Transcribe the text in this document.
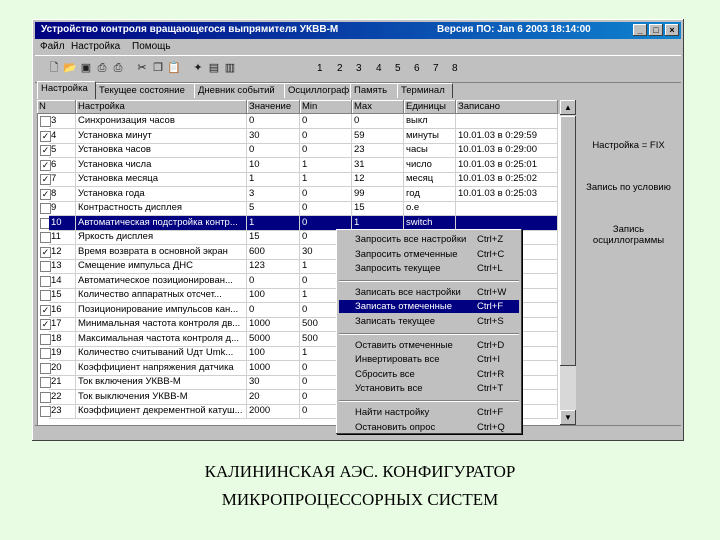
Устройство контроля вращающегося выпрямителя УКВВ-М	Версия ПО: Jan 6 2003 18:14:00	_	□	×
Файл Настройка Помощь
🗋 📂 ▣ ⎙ ⎙ ✂ ❐ 📋 ✦ ▤ ▥	1 2 3 4 5 6 7 8
Настройка	Текущее состояние	Дневник событий	Осциллограф Память	Терминал
N	Настройка	Значение	Min	Max	Единицы	Записано
3	Синхронизация часов	0	0	0	выкл
✓ 4	Установка минут	30	0	59	минуты	10.01.03 в 0:29:59
✓ 5	Установка часов	0	0	23	часы	10.01.03 в 0:29:00
✓ 6	Установка числа	10	1	31	число	10.01.03 в 0:25:01
✓ 7	Установка месяца	1	1	12	месяц	10.01.03 в 0:25:02
✓ 8	Установка года	3	0	99	год	10.01.03 в 0:25:03
9	Контрастность дисплея	5	0	15	о.е
10	Автоматическая подстройка контр...	1	0	1	switch
11	Яркость дисплея	15	0
✓ 12	Время возврата в основной экран	600	30
13	Смещение импульса ДНС	123	1
14	Автоматическое позиционирован...	0	0
15	Количество аппаратных отсчет...	100	1
✓ 16	Позиционирование импульсов кан...	0	0
✓ 17	Минимальная частота контроля дв... 1000	500
18	Максимальная частота контроля д...	5000	500
19	Количество считываний Uдт Umk...	100	1
20	Коэффициент напряжения датчика	1000	0
21	Ток включения УКВВ-М	30	0
22	Ток выключения УКВВ-М	20	0
23	Коэффициент декрементной катуш... 2000	0
▲
▼
Настройка = FIX
Запись по условию
Запись осциллограммы
Запросить все настройки Ctrl+Z
Запросить отмеченные Ctrl+C
Запросить текущее	Ctrl+L
Записать все настройки Ctrl+W
Записать отмеченные	Ctrl+F
Записать текущее	Ctrl+S
Оставить отмеченные	Ctrl+D
Инвертировать все	Ctrl+I
Сбросить все	Ctrl+R
Установить все	Ctrl+T
Найти настройку	Ctrl+F
Остановить опрос	Ctrl+Q
КАЛИНИНСКАЯ АЭС. КОНФИГУРАТОР
МИКРОПРОЦЕССОРНЫХ СИСТЕМ
